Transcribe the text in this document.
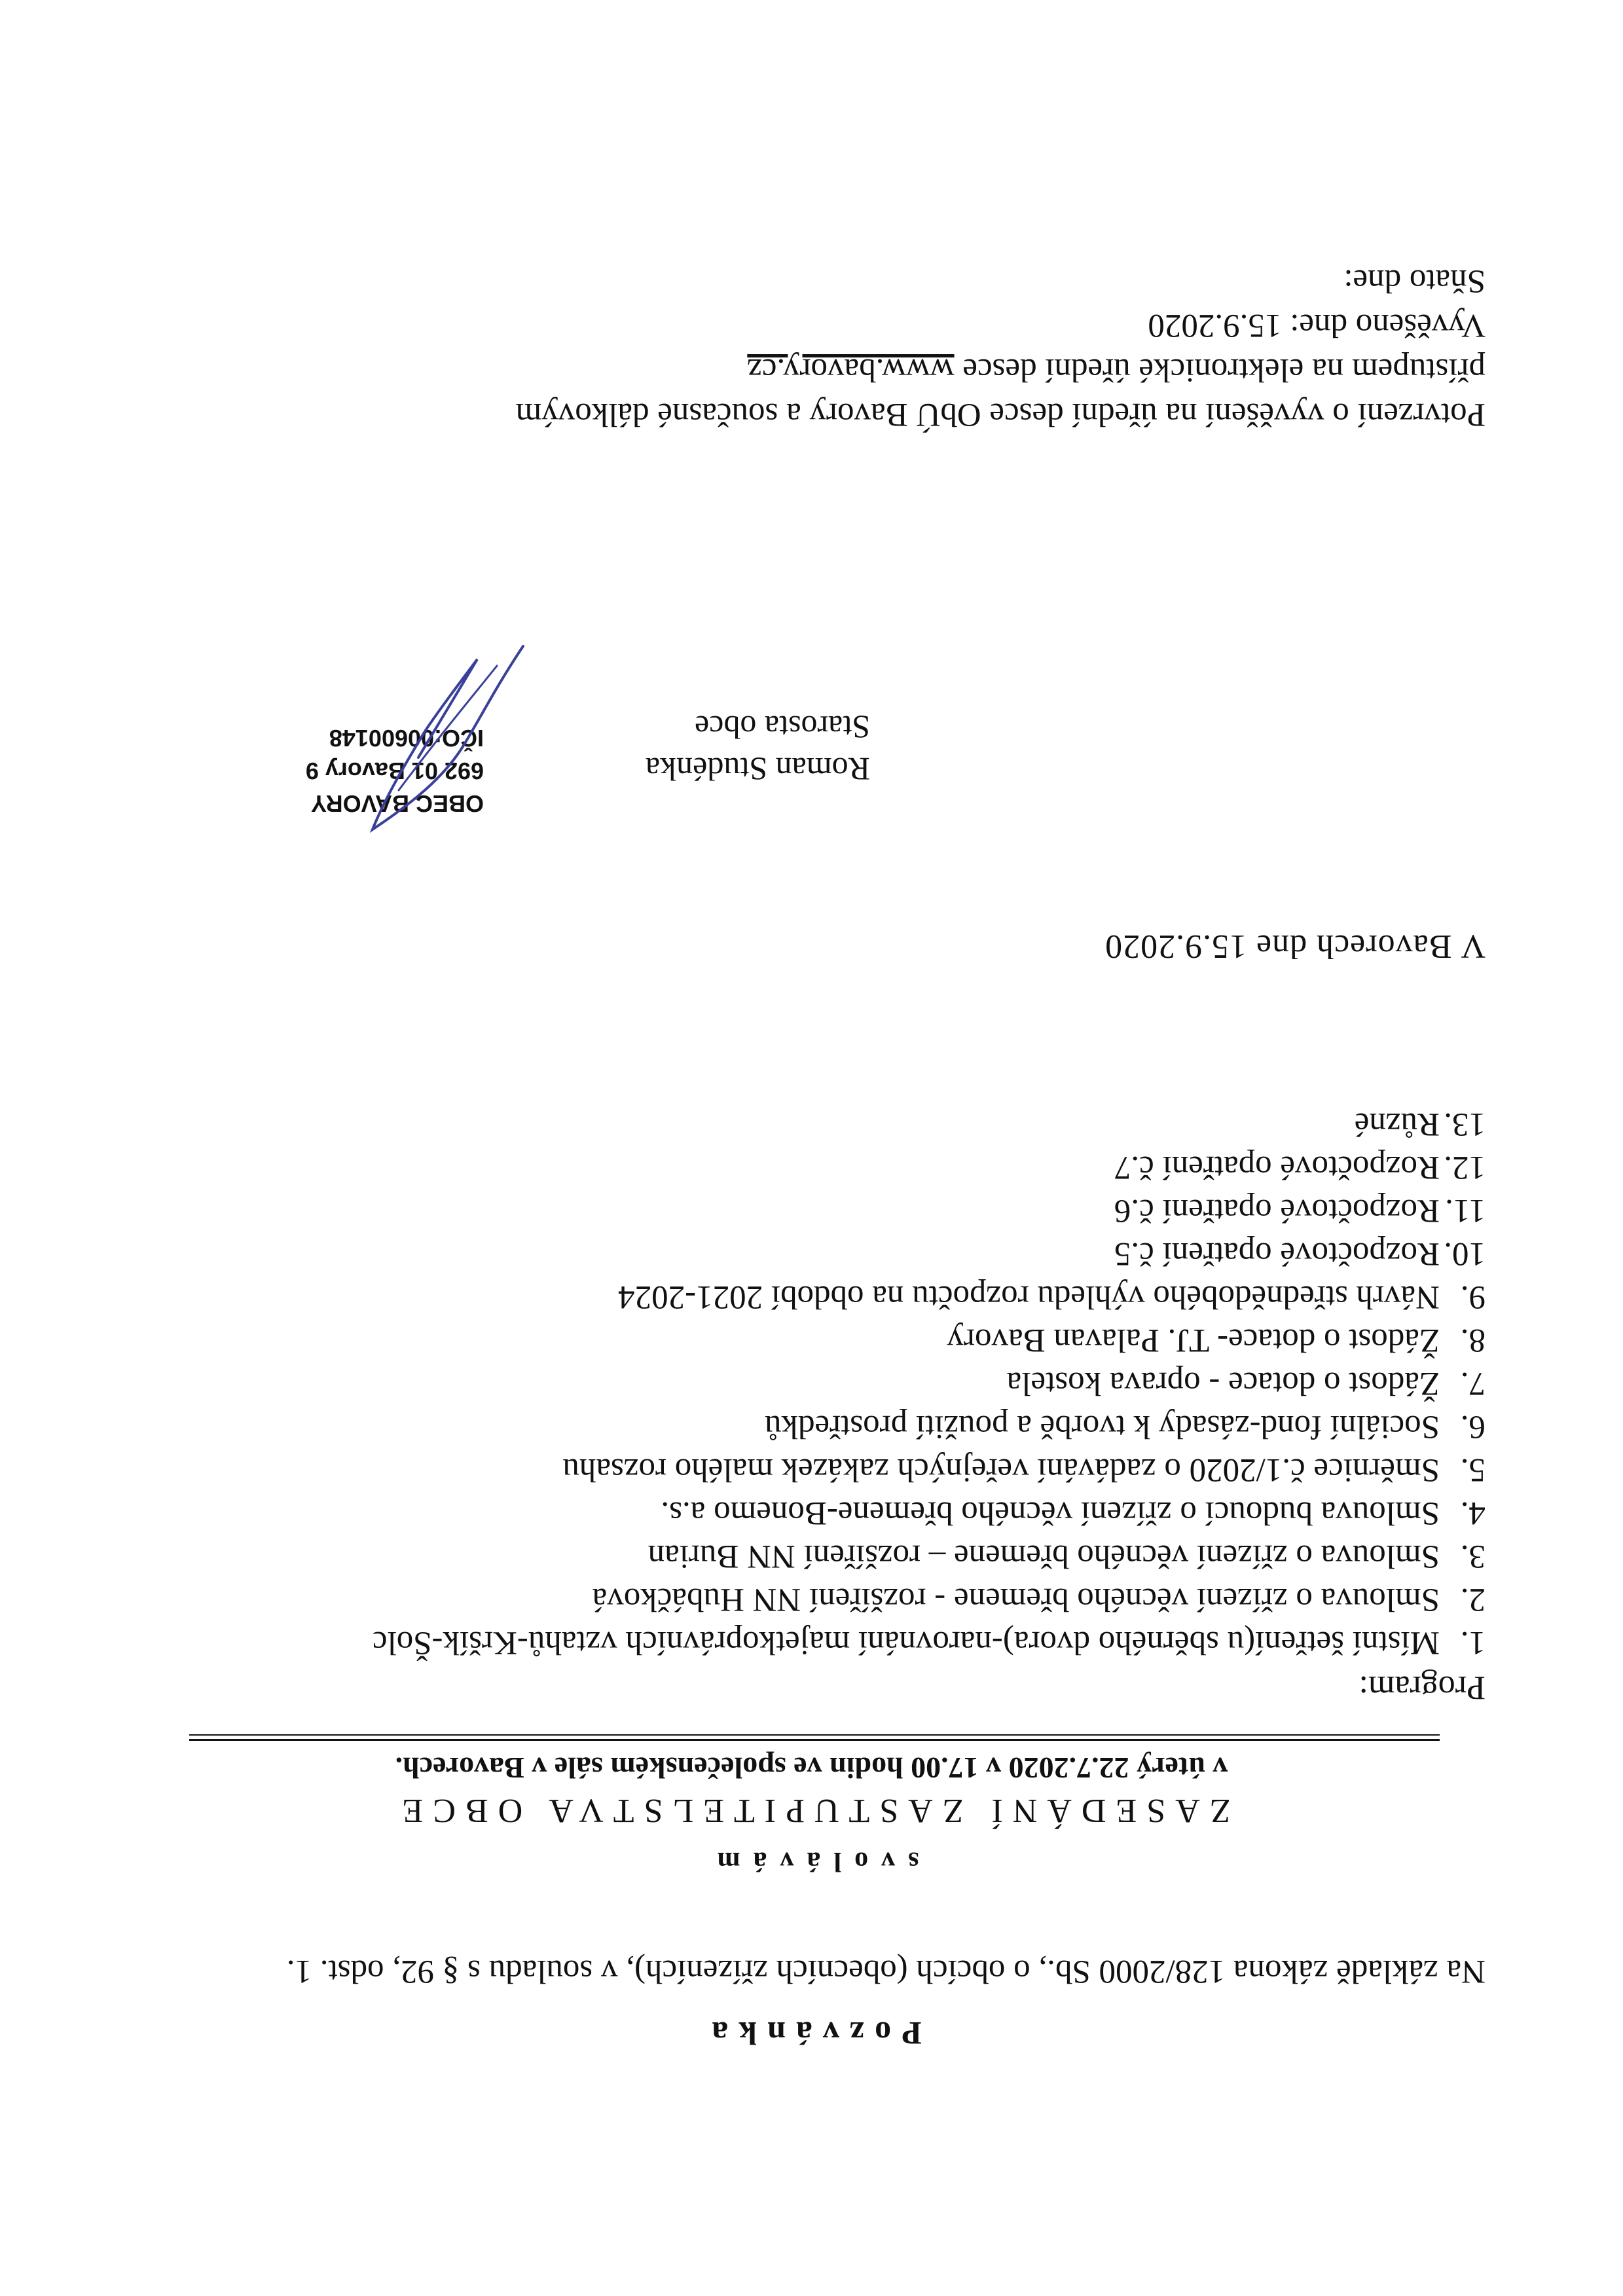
Pozvánka
Na základě zákona 128/2000 Sb., o obcích (obecních zřízeních), v souladu s § 92, odst. 1.
svolávám
ZASEDÁNÍ ZASTUPITELSTVA OBCE
v úterý 22.7.2020 v 17.00 hodin ve společenském sále v Bavorech.
Program:
1.
Místní šetření(u sběrného dvora)-narovnání majetkoprávních vztahů-Kršík-Šolc
2.
Smlouva o zřízení věcného břemene - rozšíření NN Hubáčková
3.
Smlouva o zřízení věcného břemene – rozšíření NN Burian
4.
Smlouva budoucí o zřízení věcného břemene-Bonemo a.s.
5.
Směrnice č.1/2020 o zadávání veřejných zakázek malého rozsahu
6.
Sociální fond-zásady k tvorbě a použití prostředků
7.
Žádost o dotace - oprava kostela
8.
Žádost o dotace- TJ. Palavan Bavory
9.
Návrh střednědobého výhledu rozpočtu na období 2021-2024
10.
Rozpočtové opatření č.5
11.
Rozpočtové opatření č.6
12.
Rozpočtové opatření č.7
13.
Různé
V Bavorech dne 15.9.2020
Roman Studénka
Starosta obce
OBEC BAVORY
692 01 Bavory 9
IČO:00600148
Potvrzení o vyvěšení na úřední desce ObÚ Bavory a současné dálkovým
přístupem na elektronické úřední desce www.bavory.cz
Vyvěšeno dne: 15.9.2020
Sňato dne:
